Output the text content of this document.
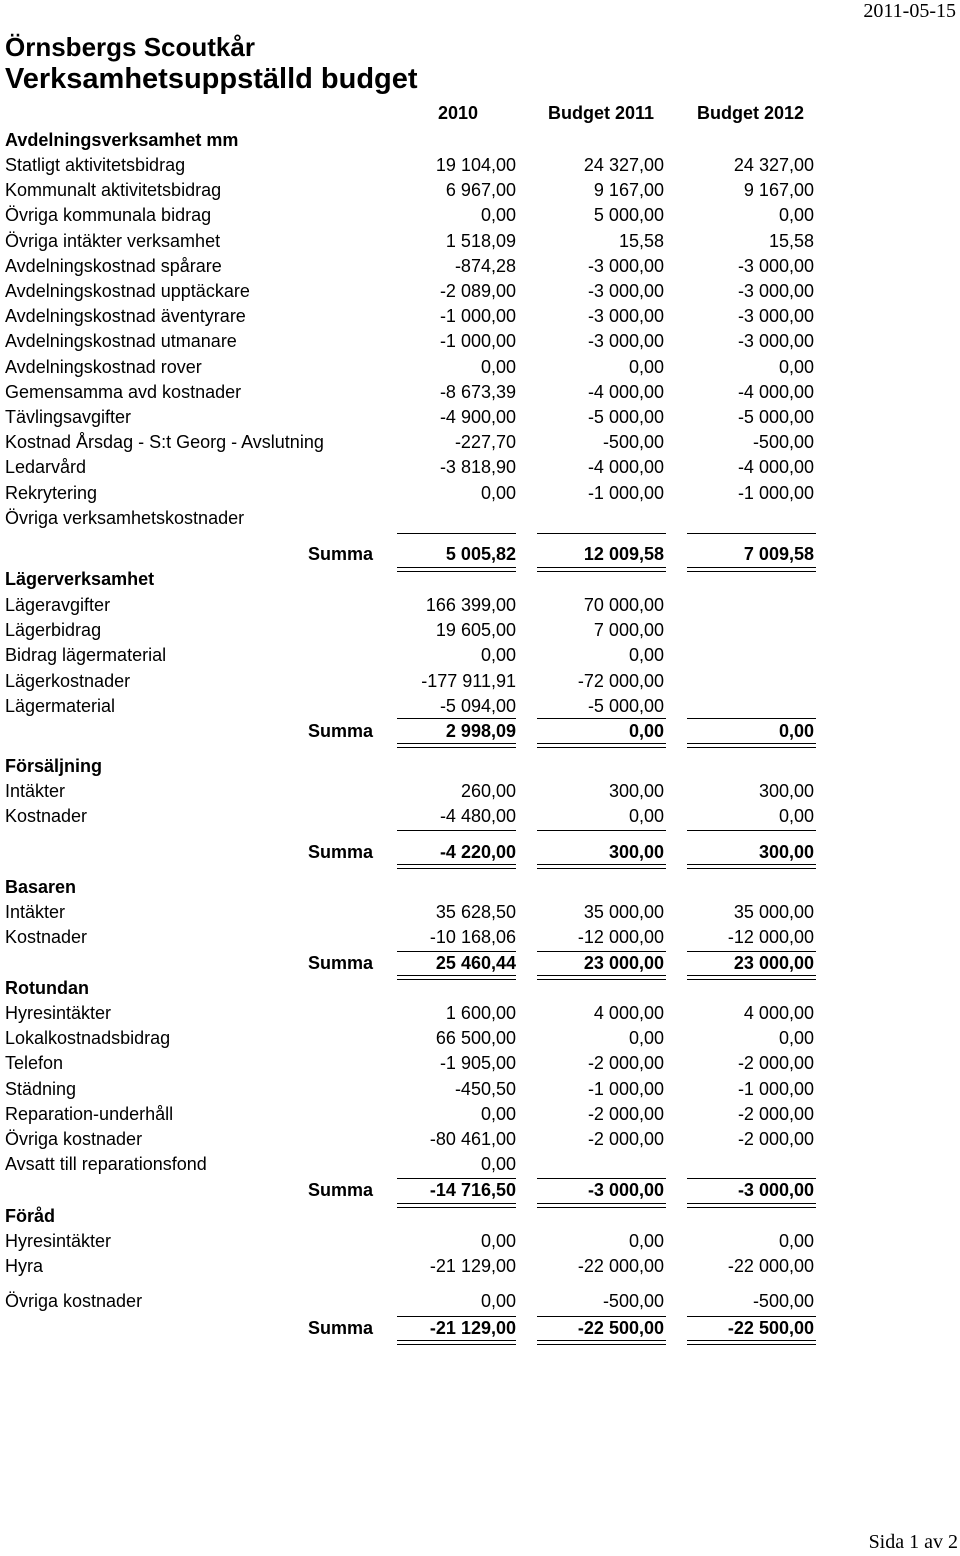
2011-05-15
Örnsbergs Scoutkår
Verksamhetsuppställd budget
2010	Budget 2011	Budget 2012
Avdelningsverksamhet mm
Statligt aktivitetsbidrag	19 104,00	24 327,00	24 327,00
Kommunalt aktivitetsbidrag	6 967,00	9 167,00	9 167,00
Övriga kommunala bidrag	0,00	5 000,00	0,00
Övriga intäkter verksamhet	1 518,09	15,58	15,58
Avdelningskostnad spårare	-874,28	-3 000,00	-3 000,00
Avdelningskostnad upptäckare	-2 089,00	-3 000,00	-3 000,00
Avdelningskostnad äventyrare	-1 000,00	-3 000,00	-3 000,00
Avdelningskostnad utmanare	-1 000,00	-3 000,00	-3 000,00
Avdelningskostnad rover	0,00	0,00	0,00
Gemensamma avd kostnader	-8 673,39	-4 000,00	-4 000,00
Tävlingsavgifter	-4 900,00	-5 000,00	-5 000,00
Kostnad Årsdag - S:t Georg - Avslutning	-227,70	-500,00	-500,00
Ledarvård	-3 818,90	-4 000,00	-4 000,00
Rekrytering	0,00	-1 000,00	-1 000,00
Övriga verksamhetskostnader
Summa	5 005,82	12 009,58	7 009,58
Lägerverksamhet
Lägeravgifter	166 399,00	70 000,00
Lägerbidrag	19 605,00	7 000,00
Bidrag lägermaterial	0,00	0,00
Lägerkostnader	-177 911,91	-72 000,00
Lägermaterial	-5 094,00	-5 000,00
Summa	2 998,09	0,00	0,00
Försäljning
Intäkter	260,00	300,00	300,00
Kostnader	-4 480,00	0,00	0,00
Summa	-4 220,00	300,00	300,00
Basaren
Intäkter	35 628,50	35 000,00	35 000,00
Kostnader	-10 168,06	-12 000,00	-12 000,00
Summa	25 460,44	23 000,00	23 000,00
Rotundan
Hyresintäkter	1 600,00	4 000,00	4 000,00
Lokalkostnadsbidrag	66 500,00	0,00	0,00
Telefon	-1 905,00	-2 000,00	-2 000,00
Städning	-450,50	-1 000,00	-1 000,00
Reparation-underhåll	0,00	-2 000,00	-2 000,00
Övriga kostnader	-80 461,00	-2 000,00	-2 000,00
Avsatt till reparationsfond	0,00
Summa	-14 716,50	-3 000,00	-3 000,00
Föråd
Hyresintäkter	0,00	0,00	0,00
Hyra	-21 129,00	-22 000,00	-22 000,00
Övriga kostnader	0,00	-500,00	-500,00
Summa	-21 129,00	-22 500,00	-22 500,00
Sida 1 av 2
